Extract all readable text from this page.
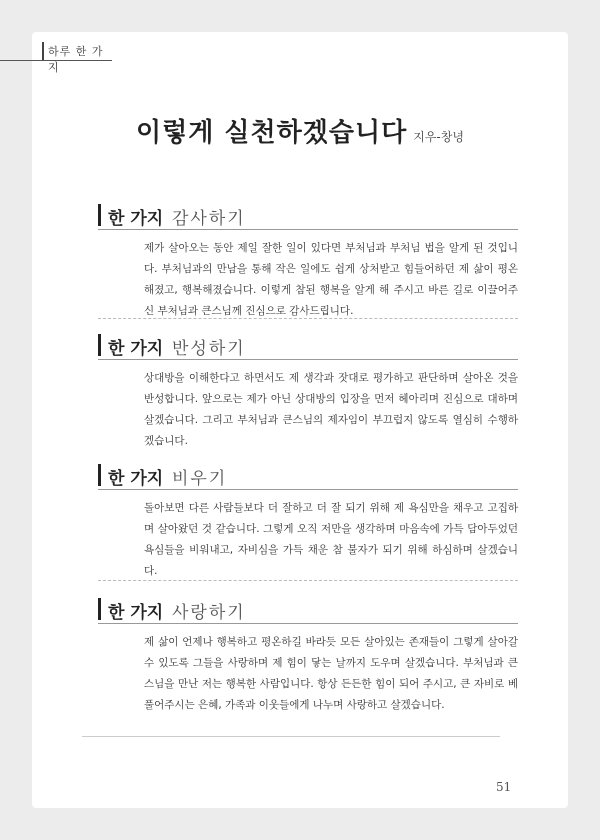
하루 한 가지
이렇게 실천하겠습니다 지우-창녕
한 가지 감사하기

제가 살아오는 동안 제일 잘한 일이 있다면 부처님과 부처님 법을 알게 된 것입니다. 부처님과의 만남을 통해 작은 일에도 쉽게 상처받고 힘들어하던 제 삶이 평온해졌고, 행복해졌습니다. 이렇게 참된 행복을 알게 해 주시고 바른 길로 이끌어주신 부처님과 큰스님께 진심으로 감사드립니다.

한 가지 반성하기

상대방을 이해한다고 하면서도 제 생각과 잣대로 평가하고 판단하며 살아온 것을 반성합니다. 앞으로는 제가 아닌 상대방의 입장을 먼저 헤아리며 진심으로 대하며 살겠습니다. 그리고 부처님과 큰스님의 제자임이 부끄럽지 않도록 열심히 수행하겠습니다.

한 가지 비우기

돌아보면 다른 사람들보다 더 잘하고 더 잘 되기 위해 제 욕심만을 채우고 고집하며 살아왔던 것 같습니다. 그렇게 오직 저만을 생각하며 마음속에 가득 담아두었던 욕심들을 비워내고, 자비심을 가득 채운 참 불자가 되기 위해 하심하며 살겠습니다.

한 가지 사랑하기

제 삶이 언제나 행복하고 평온하길 바라듯 모든 살아있는 존재들이 그렇게 살아갈 수 있도록 그들을 사랑하며 제 힘이 닿는 날까지 도우며 살겠습니다. 부처님과 큰스님을 만난 저는 행복한 사람입니다. 항상 든든한 힘이 되어 주시고, 큰 자비로 베풀어주시는 은혜, 가족과 이웃들에게 나누며 사랑하고 살겠습니다.

51
